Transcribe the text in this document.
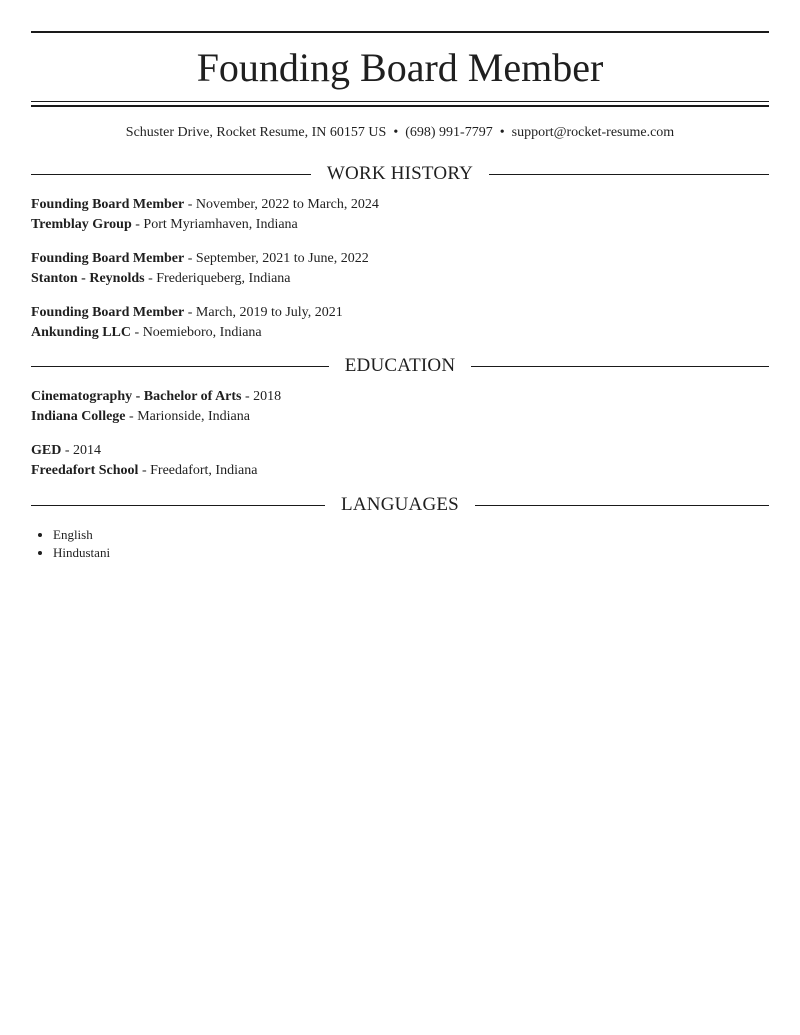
Founding Board Member
Schuster Drive, Rocket Resume, IN 60157 US • (698) 991-7797 • support@rocket-resume.com
WORK HISTORY
Founding Board Member - November, 2022 to March, 2024
Tremblay Group - Port Myriamhaven, Indiana
Founding Board Member - September, 2021 to June, 2022
Stanton - Reynolds - Frederiqueberg, Indiana
Founding Board Member - March, 2019 to July, 2021
Ankunding LLC - Noemieboro, Indiana
EDUCATION
Cinematography - Bachelor of Arts - 2018
Indiana College - Marionside, Indiana
GED - 2014
Freedafort School - Freedafort, Indiana
LANGUAGES
• English
• Hindustani
